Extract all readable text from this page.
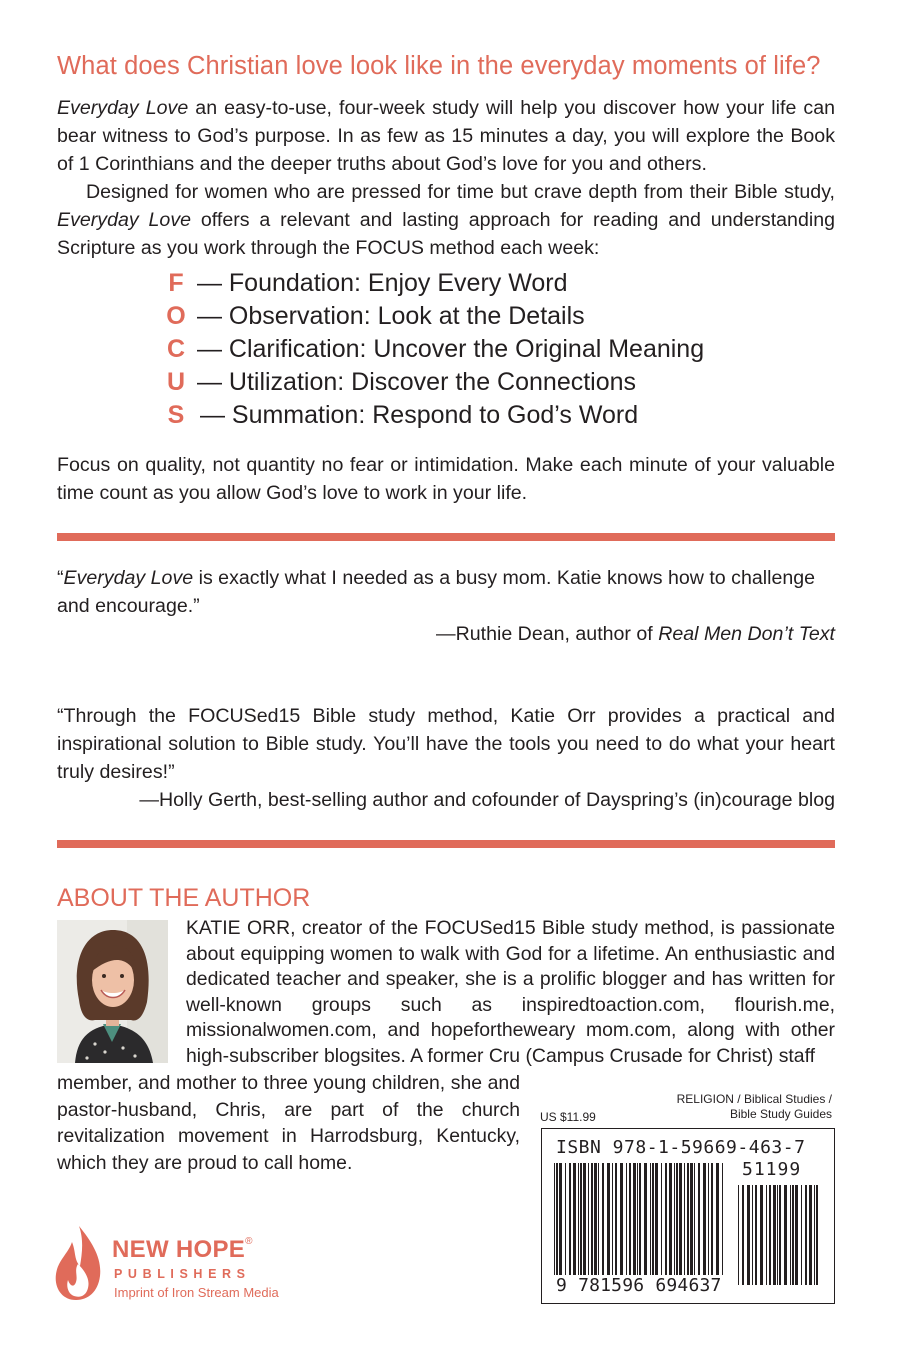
What does Christian love look like in the everyday moments of life?

Everyday Love an easy-to-use, four-week study will help you discover how your life can bear witness to God’s purpose. In as few as 15 minutes a day, you will explore the Book of 1 Corinthians and the deeper truths about God’s love for you and others.

Designed for women who are pressed for time but crave depth from their Bible study, Everyday Love offers a relevant and lasting approach for reading and understanding Scripture as you work through the FOCUS method each week:

F — Foundation: Enjoy Every Word
O — Observation: Look at the Details
C — Clarification: Uncover the Original Meaning
U — Utilization: Discover the Connections
S — Summation: Respond to God’s Word

Focus on quality, not quantity no fear or intimidation. Make each minute of your valuable time count as you allow God’s love to work in your life.

“Everyday Love is exactly what I needed as a busy mom. Katie knows how to challenge and encourage.”

—Ruthie Dean, author of Real Men Don’t Text

“Through the FOCUSed15 Bible study method, Katie Orr provides a practical and inspirational solution to Bible study. You’ll have the tools you need to do what your heart truly desires!”

—Holly Gerth, best-selling author and cofounder of Dayspring’s (in)courage blog

ABOUT THE AUTHOR

KATIE ORR, creator of the FOCUSed15 Bible study method, is passionate about equipping women to walk with God for a lifetime. An enthusiastic and dedicated teacher and speaker, she is a prolific blogger and has written for well-known groups such as inspiredtoaction.com, flourish.me, missionalwomen.com, and hopefortheweary mom.com, along with other high-subscriber blogsites. A former Cru (Campus Crusade for Christ) staff

member, and mother to three young children, she and pastor-husband, Chris, are part of the church revitalization movement in Harrodsburg, Kentucky, which they are proud to call home.

US $11.99
RELIGION / Biblical Studies /
Bible Study Guides
ISBN 978-1-59669-463-7
51199
9 781596 694637
NEW HOPE®
PUBLISHERS
Imprint of Iron Stream Media
